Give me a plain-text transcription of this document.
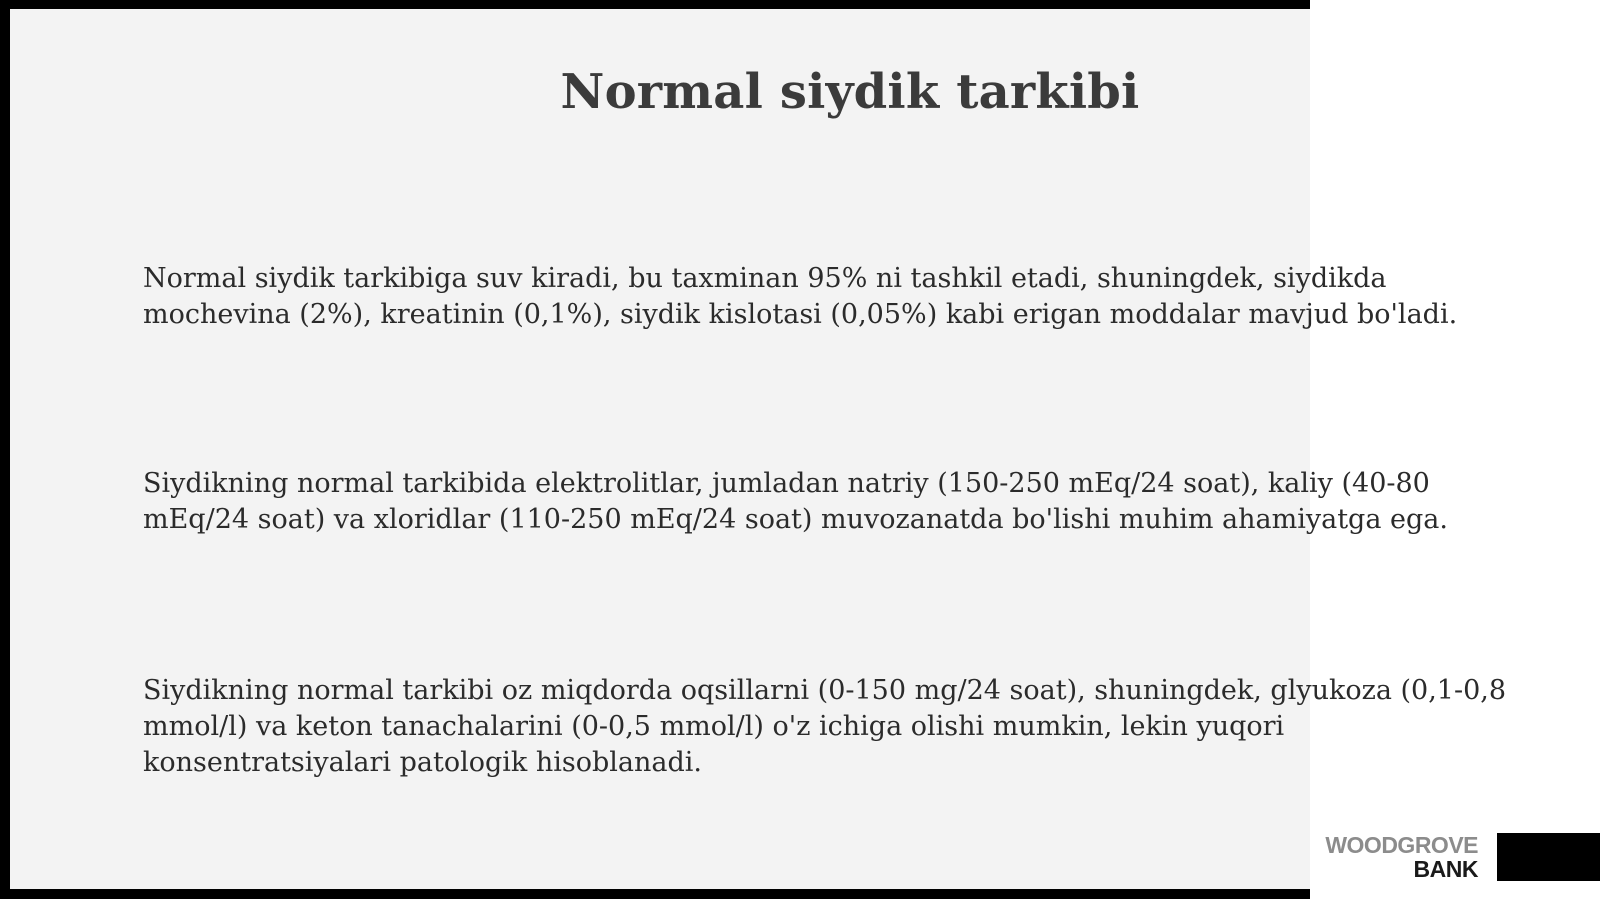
Normal siydik tarkibi

Normal siydik tarkibiga suv kiradi, bu taxminan 95% ni tashkil etadi, shuningdek, siydikda mochevina (2%), kreatinin (0,1%), siydik kislotasi (0,05%) kabi erigan moddalar mavjud bo'ladi.

Siydikning normal tarkibida elektrolitlar, jumladan natriy (150-250 mEq/24 soat), kaliy (40-80 mEq/24 soat) va xloridlar (110-250 mEq/24 soat) muvozanatda bo'lishi muhim ahamiyatga ega.

Siydikning normal tarkibi oz miqdorda oqsillarni (0-150 mg/24 soat), shuningdek, glyukoza (0,1-0,8 mmol/l) va keton tanachalarini (0-0,5 mmol/l) o'z ichiga olishi mumkin, lekin yuqori konsentratsiyalari patologik hisoblanadi.

WOODGROVE
BANK
